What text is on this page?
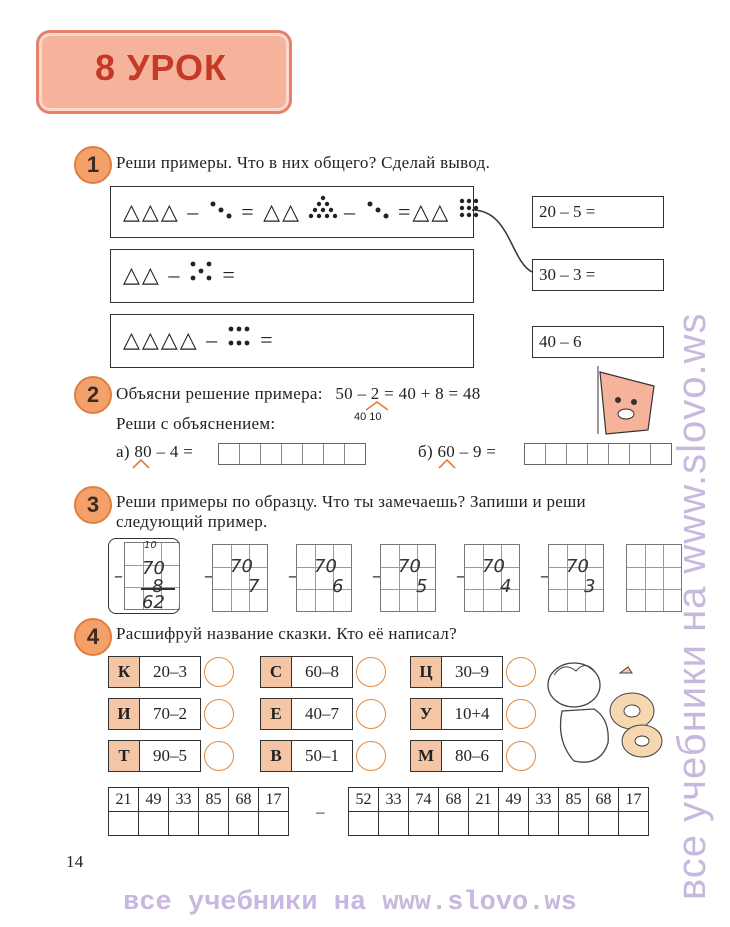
8 УРОК
1 Реши примеры. Что в них общего? Сделай вывод.
△△△ – = △△ – =△△
△△ – =
△△△△ – =
20 – 5 =
30 – 3 =
40 – 6
2 Объясни решение примера: 50 – 2 = 40 + 8 = 48
40 10
Реши с объяснением:
а) 80 – 4 =	б) 60 – 9 =
3 Реши примеры по образцу. Что ты замечаешь? Запиши и реши
следующий пример.
–
10
70
8
62
– 70
7 – 70
6 – 70
5 – 70
4 – 70
3
4 Расшифруй название сказки. Кто её написал?
К	20–3	С	60–8	Ц	30–9
И	70–2	Е	40–7	У	10+4
Т	90–5	В	50–1	М	80–6
21	49	33	85	68	17

–
52	33	74	68	21	49	33	85	68	17

14	все учебники на www.slovo.ws
все учебники на www.slovo.ws
